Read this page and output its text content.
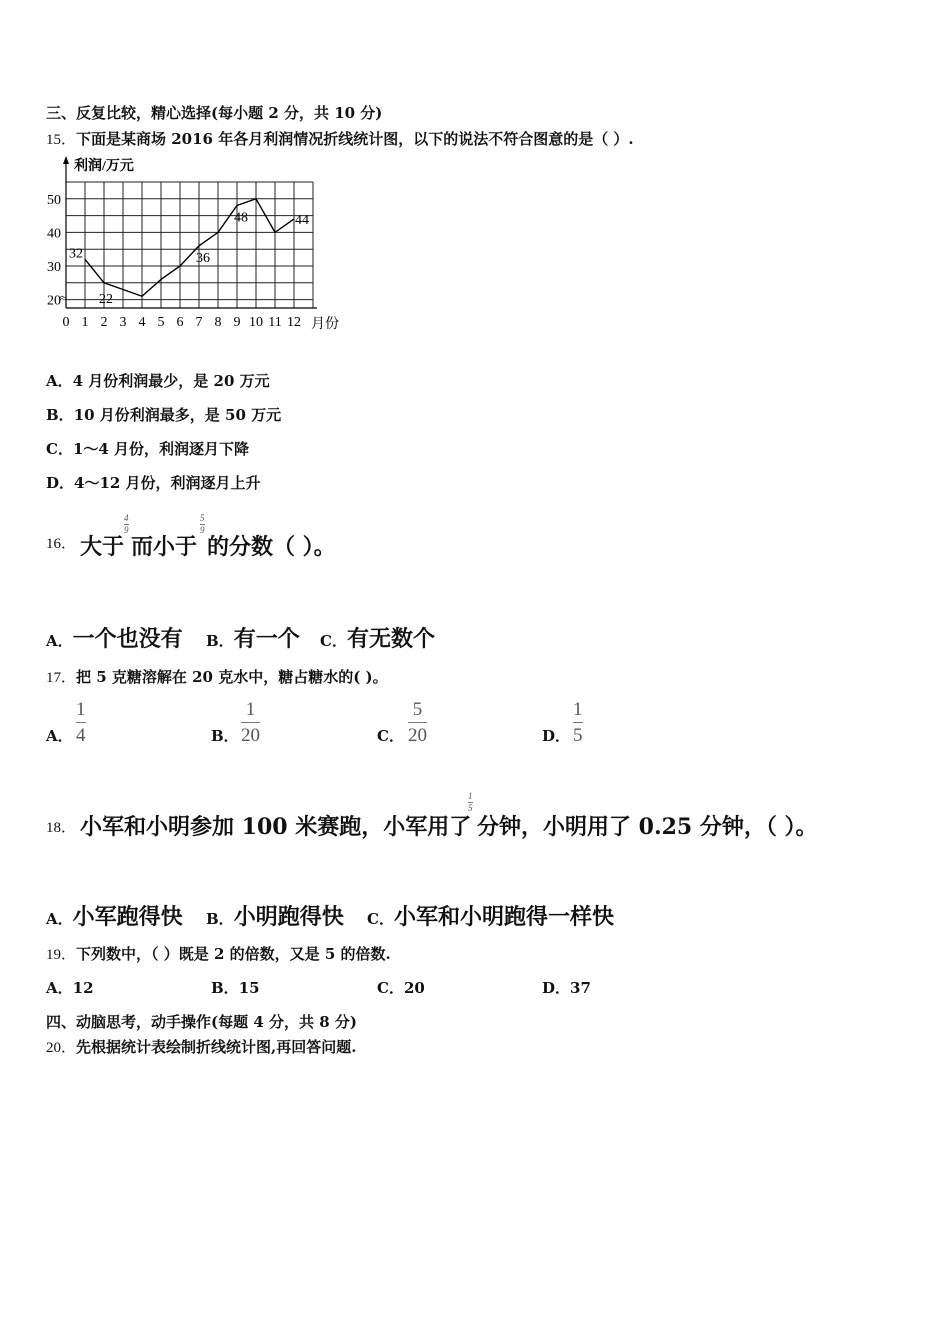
三、反复比较，精心选择(每小题 2 分，共 10 分)
15．下面是某商场 2016 年各月利润情况折线统计图，以下的说法不符合图意的是（ ）.
≈
利润/万元
月份
0 1 2 3 4 5 6 7 8 9 10 11 12
20
30
40
50
32
22
36
48	44
A．4 月份利润最少，是 20 万元
B．10 月份利润最多，是 50 万元
C．1～4 月份，利润逐月下降
D．4～12 月份，利润逐月上升
16． 大于
4
9
而小于
5
9
的分数（ ）。
A．一个也没有 B．有一个 C．有无数个
17．把 5 克糖溶解在 20 克水中，糖占糖水的( )。
A．
1
4	B．
1
20	C．
5
20	D．
1
5
18． 小军和小明参加 100 米赛跑，小军用了
1
5
分钟，小明用了 0.25 分钟，（ ）。
A．小军跑得快 B．小明跑得快 C．小军和小明跑得一样快
19．下列数中，（ ）既是 2 的倍数，又是 5 的倍数.
A．12	B．15	C．20	D．37
四、动脑思考，动手操作(每题 4 分，共 8 分)
20．先根据统计表绘制折线统计图,再回答问题.
